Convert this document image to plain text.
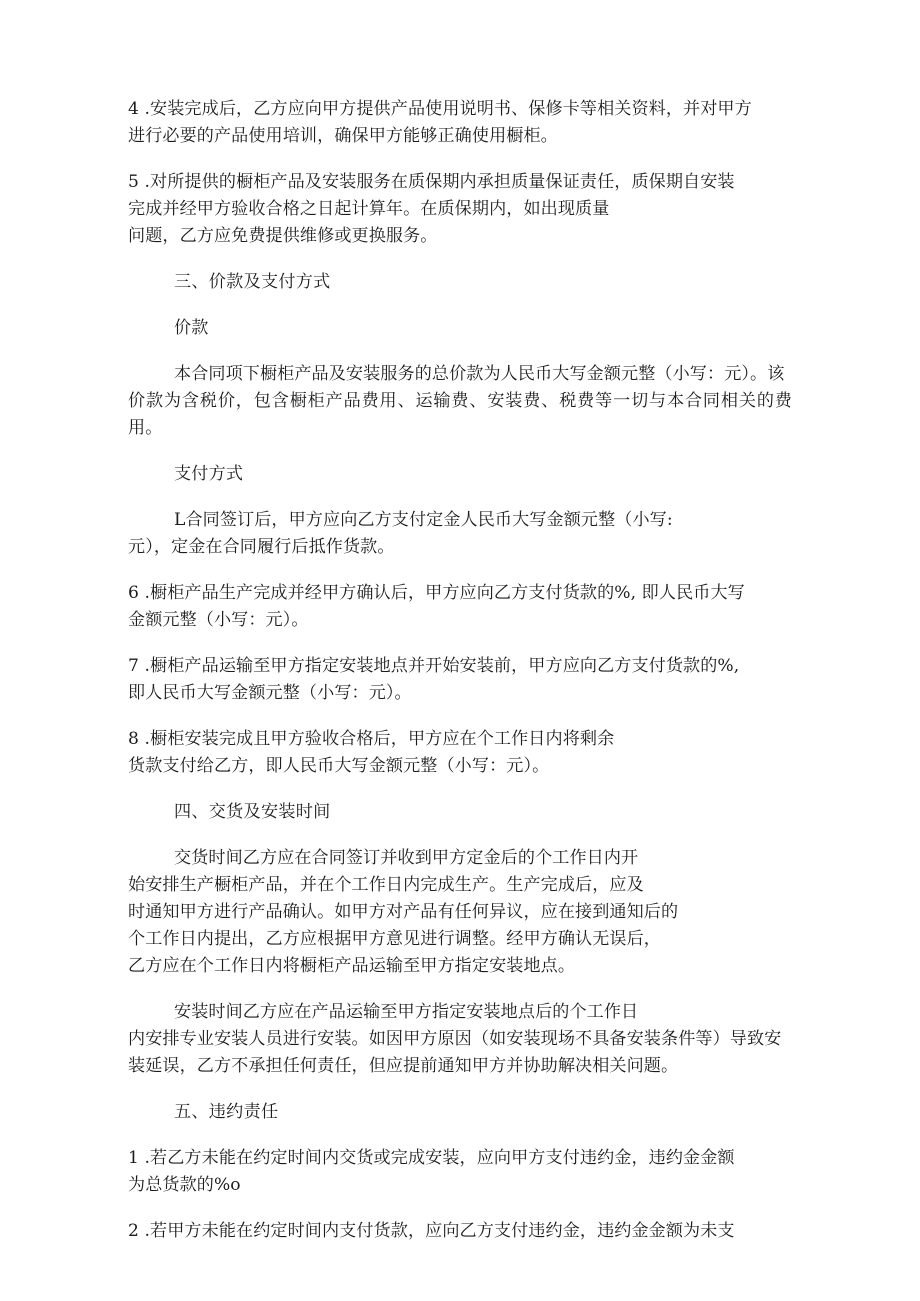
4 .安装完成后，乙方应向甲方提供产品使用说明书、保修卡等相关资料，并对甲方
进行必要的产品使用培训，确保甲方能够正确使用橱柜。

5 .对所提供的橱柜产品及安装服务在质保期内承担质量保证责任，质保期自安装
完成并经甲方验收合格之日起计算年。在质保期内，如出现质量
问题，乙方应免费提供维修或更换服务。

三、价款及支付方式

价款

本合同项下橱柜产品及安装服务的总价款为人民币大写金额元整（小写：元）。该
价款为含税价，包含橱柜产品费用、运输费、安装费、税费等一切与本合同相关的费用。

支付方式

L合同签订后，甲方应向乙方支付定金人民币大写金额元整（小写:
元），定金在合同履行后抵作货款。

6 .橱柜产品生产完成并经甲方确认后，甲方应向乙方支付货款的%, 即人民币大写
金额元整（小写：元）。

7 .橱柜产品运输至甲方指定安装地点并开始安装前，甲方应向乙方支付货款的%,
即人民币大写金额元整（小写：元）。

8 .橱柜安装完成且甲方验收合格后，甲方应在个工作日内将剩余
货款支付给乙方，即人民币大写金额元整（小写：元）。

四、交货及安装时间

交货时间乙方应在合同签订并收到甲方定金后的个工作日内开
始安排生产橱柜产品，并在个工作日内完成生产。生产完成后，应及
时通知甲方进行产品确认。如甲方对产品有任何异议，应在接到通知后的
个工作日内提出，乙方应根据甲方意见进行调整。经甲方确认无误后，
乙方应在个工作日内将橱柜产品运输至甲方指定安装地点。

安装时间乙方应在产品运输至甲方指定安装地点后的个工作日
内安排专业安装人员进行安装。如因甲方原因（如安装现场不具备安装条件等）导致安
装延误，乙方不承担任何责任，但应提前通知甲方并协助解决相关问题。

五、违约责任

1 .若乙方未能在约定时间内交货或完成安装，应向甲方支付违约金，违约金金额
为总货款的%o

2 .若甲方未能在约定时间内支付货款，应向乙方支付违约金，违约金金额为未支
